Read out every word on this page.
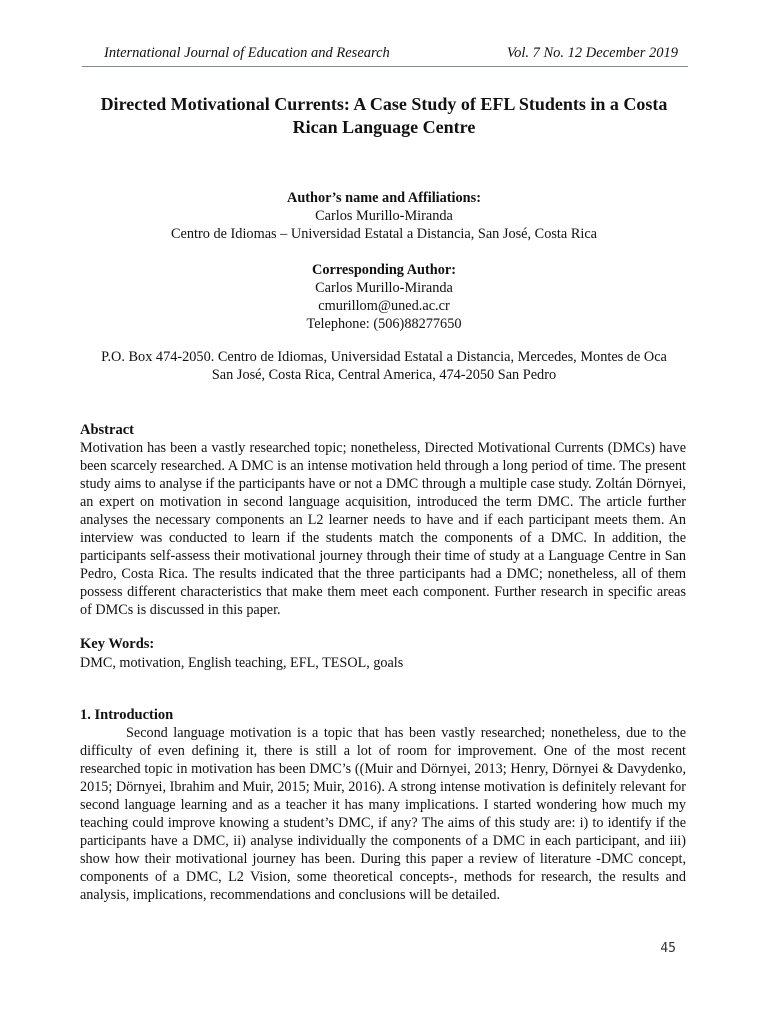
International Journal of Education and Research	Vol. 7 No. 12 December 2019
Directed Motivational Currents: A Case Study of EFL Students in a Costa Rican Language Centre
Author’s name and Affiliations:
Carlos Murillo-Miranda
Centro de Idiomas – Universidad Estatal a Distancia, San José, Costa Rica
Corresponding Author:
Carlos Murillo-Miranda
cmurillom@uned.ac.cr
Telephone: (506)88277650
P.O. Box 474-2050. Centro de Idiomas, Universidad Estatal a Distancia, Mercedes, Montes de Oca
San José, Costa Rica, Central America, 474-2050 San Pedro
Abstract
Motivation has been a vastly researched topic; nonetheless, Directed Motivational Currents (DMCs) have been scarcely researched. A DMC is an intense motivation held through a long period of time. The present study aims to analyse if the participants have or not a DMC through a multiple case study. Zoltán Dörnyei, an expert on motivation in second language acquisition, introduced the term DMC. The article further analyses the necessary components an L2 learner needs to have and if each participant meets them. An interview was conducted to learn if the students match the components of a DMC. In addition, the participants self-assess their motivational journey through their time of study at a Language Centre in San Pedro, Costa Rica. The results indicated that the three participants had a DMC; nonetheless, all of them possess different characteristics that make them meet each component. Further research in specific areas of DMCs is discussed in this paper.
Key Words:
DMC, motivation, English teaching, EFL, TESOL, goals
1. Introduction
Second language motivation is a topic that has been vastly researched; nonetheless, due to the difficulty of even defining it, there is still a lot of room for improvement. One of the most recent researched topic in motivation has been DMC’s ((Muir and Dörnyei, 2013; Henry, Dörnyei & Davydenko, 2015; Dörnyei, Ibrahim and Muir, 2015; Muir, 2016). A strong intense motivation is definitely relevant for second language learning and as a teacher it has many implications. I started wondering how much my teaching could improve knowing a student’s DMC, if any? The aims of this study are: i) to identify if the participants have a DMC, ii) analyse individually the components of a DMC in each participant, and iii) show how their motivational journey has been. During this paper a review of literature -DMC concept, components of a DMC, L2 Vision, some theoretical concepts-, methods for research, the results and analysis, implications, recommendations and conclusions will be detailed.
45
